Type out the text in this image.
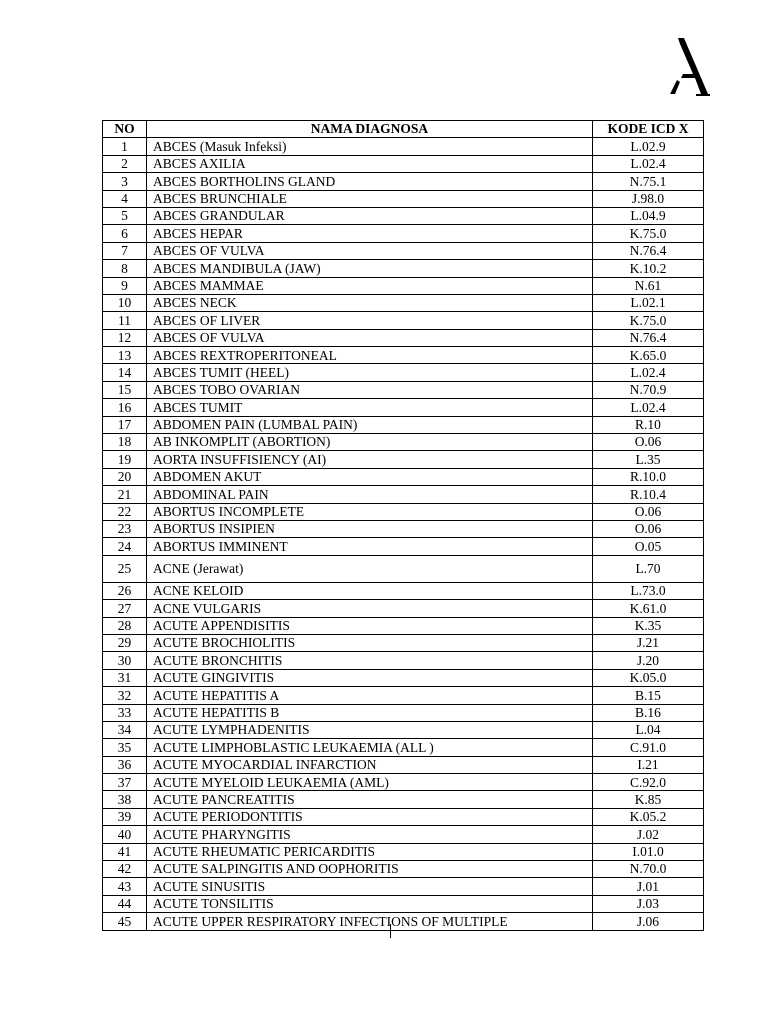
NO	NAMA DIAGNOSA	KODE ICD X
1	ABCES (Masuk Infeksi)	L.02.9
2	ABCES AXILIA	L.02.4
3	ABCES BORTHOLINS GLAND	N.75.1
4	ABCES BRUNCHIALE	J.98.0
5	ABCES GRANDULAR	L.04.9
6	ABCES HEPAR	K.75.0
7	ABCES OF VULVA	N.76.4
8	ABCES MANDIBULA (JAW)	K.10.2
9	ABCES MAMMAE	N.61
10	ABCES NECK	L.02.1
11	ABCES OF LIVER	K.75.0
12	ABCES OF VULVA	N.76.4
13	ABCES REXTROPERITONEAL	K.65.0
14	ABCES TUMIT (HEEL)	L.02.4
15	ABCES TOBO OVARIAN	N.70.9
16	ABCES TUMIT	L.02.4
17	ABDOMEN PAIN (LUMBAL PAIN)	R.10
18	AB INKOMPLIT (ABORTION)	O.06
19	AORTA INSUFFISIENCY (AI)	L.35
20	ABDOMEN AKUT	R.10.0
21	ABDOMINAL PAIN	R.10.4
22	ABORTUS INCOMPLETE	O.06
23	ABORTUS INSIPIEN	O.06
24	ABORTUS IMMINENT	O.05
25	ACNE (Jerawat)	L.70
26	ACNE KELOID	L.73.0
27	ACNE VULGARIS	K.61.0
28	ACUTE APPENDISITIS	K.35
29	ACUTE BROCHIOLITIS	J.21
30	ACUTE BRONCHITIS	J.20
31	ACUTE GINGIVITIS	K.05.0
32	ACUTE HEPATITIS A	B.15
33	ACUTE HEPATITIS B	B.16
34	ACUTE LYMPHADENITIS	L.04
35	ACUTE LIMPHOBLASTIC LEUKAEMIA (ALL )	C.91.0
36	ACUTE MYOCARDIAL INFARCTION	I.21
37	ACUTE MYELOID LEUKAEMIA (AML)	C.92.0
38	ACUTE PANCREATITIS	K.85
39	ACUTE PERIODONTITIS	K.05.2
40	ACUTE PHARYNGITIS	J.02
41	ACUTE RHEUMATIC PERICARDITIS	I.01.0
42	ACUTE SALPINGITIS AND OOPHORITIS	N.70.0
43	ACUTE SINUSITIS	J.01
44	ACUTE TONSILITIS	J.03
45	ACUTE UPPER RESPIRATORY INFECTIONS OF MULTIPLE	J.06
